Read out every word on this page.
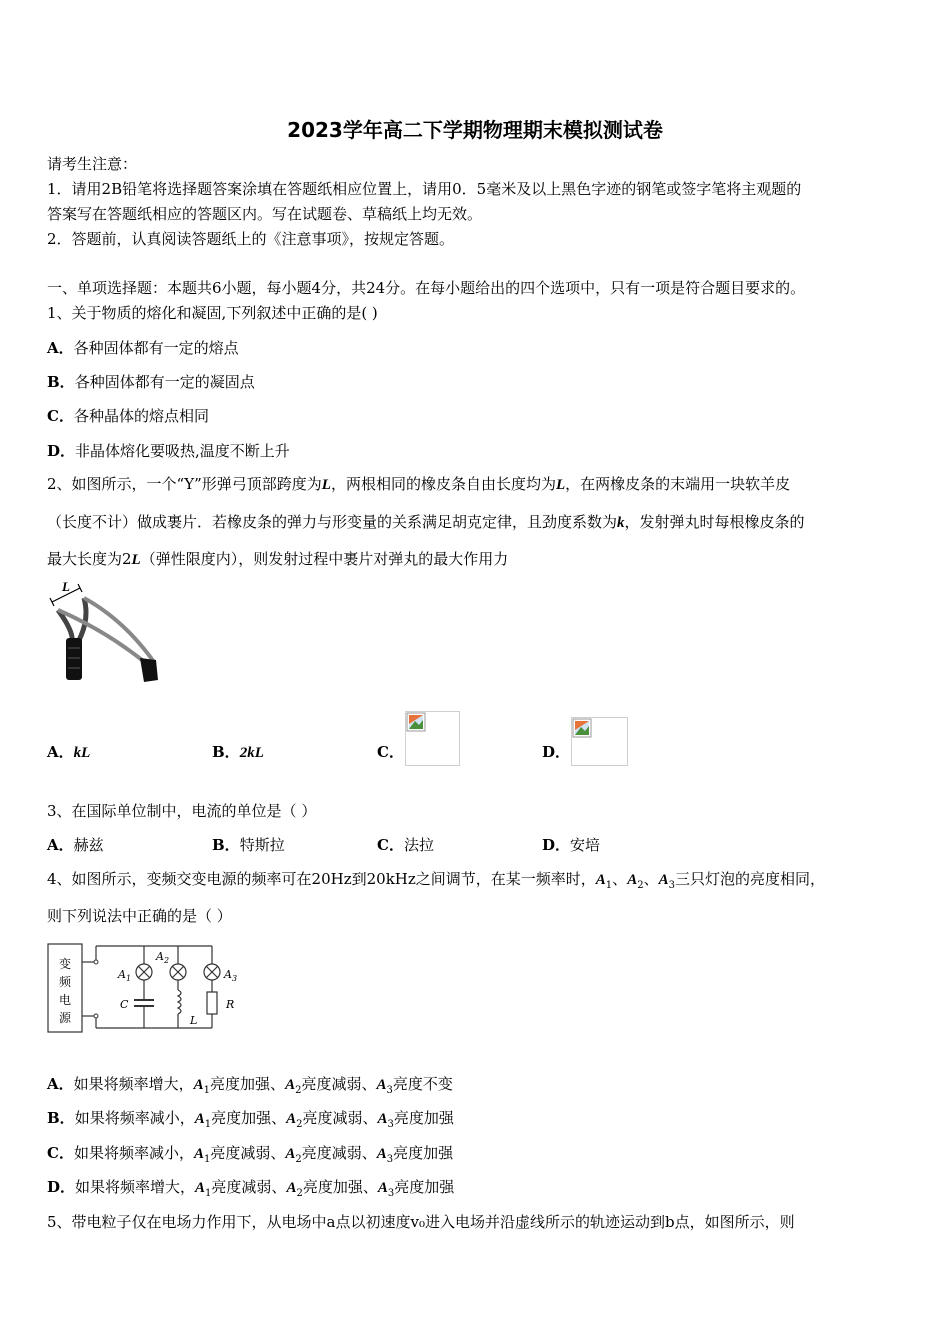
2023学年高二下学期物理期末模拟测试卷
请考生注意：
1．请用2B铅笔将选择题答案涂填在答题纸相应位置上，请用0．5毫米及以上黑色字迹的钢笔或签字笔将主观题的
答案写在答题纸相应的答题区内。写在试题卷、草稿纸上均无效。
2．答题前，认真阅读答题纸上的《注意事项》，按规定答题。
一、单项选择题：本题共6小题，每小题4分，共24分。在每小题给出的四个选项中，只有一项是符合题目要求的。
1、关于物质的熔化和凝固,下列叙述中正确的是( )
A．各种固体都有一定的熔点
B．各种固体都有一定的凝固点
C．各种晶体的熔点相同
D．非晶体熔化要吸热,温度不断上升
2、如图所示，一个“Y”形弹弓顶部跨度为L，两根相同的橡皮条自由长度均为L，在两橡皮条的末端用一块软羊皮
（长度不计）做成裹片．若橡皮条的弹力与形变量的关系满足胡克定律，且劲度系数为k，发射弹丸时每根橡皮条的
最大长度为2L（弹性限度内），则发射过程中裹片对弹丸的最大作用力
L
A．kL	B．2kL	C．	D．
3、在国际单位制中，电流的单位是（ ）
A．赫兹	B．特斯拉	C．法拉	D．安培
4、如图所示，变频交变电源的频率可在20Hz到20kHz之间调节，在某一频率时，$A_1$、$A_2$、$A_3$三只灯泡的亮度相同，
则下列说法中正确的是（ ）
变 频 电 源
$A_1$
$A_2$
$A_3$
C
L
R
A．如果将频率增大，$A_1$亮度加强、$A_2$亮度减弱、$A_3$亮度不变
B．如果将频率减小，$A_1$亮度加强、$A_2$亮度减弱、$A_3$亮度加强
C．如果将频率减小，$A_1$亮度减弱、$A_2$亮度减弱、$A_3$亮度加强
D．如果将频率增大，$A_1$亮度减弱、$A_2$亮度加强、$A_3$亮度加强
5、带电粒子仅在电场力作用下，从电场中a点以初速度v₀进入电场并沿虚线所示的轨迹运动到b点，如图所示，则
